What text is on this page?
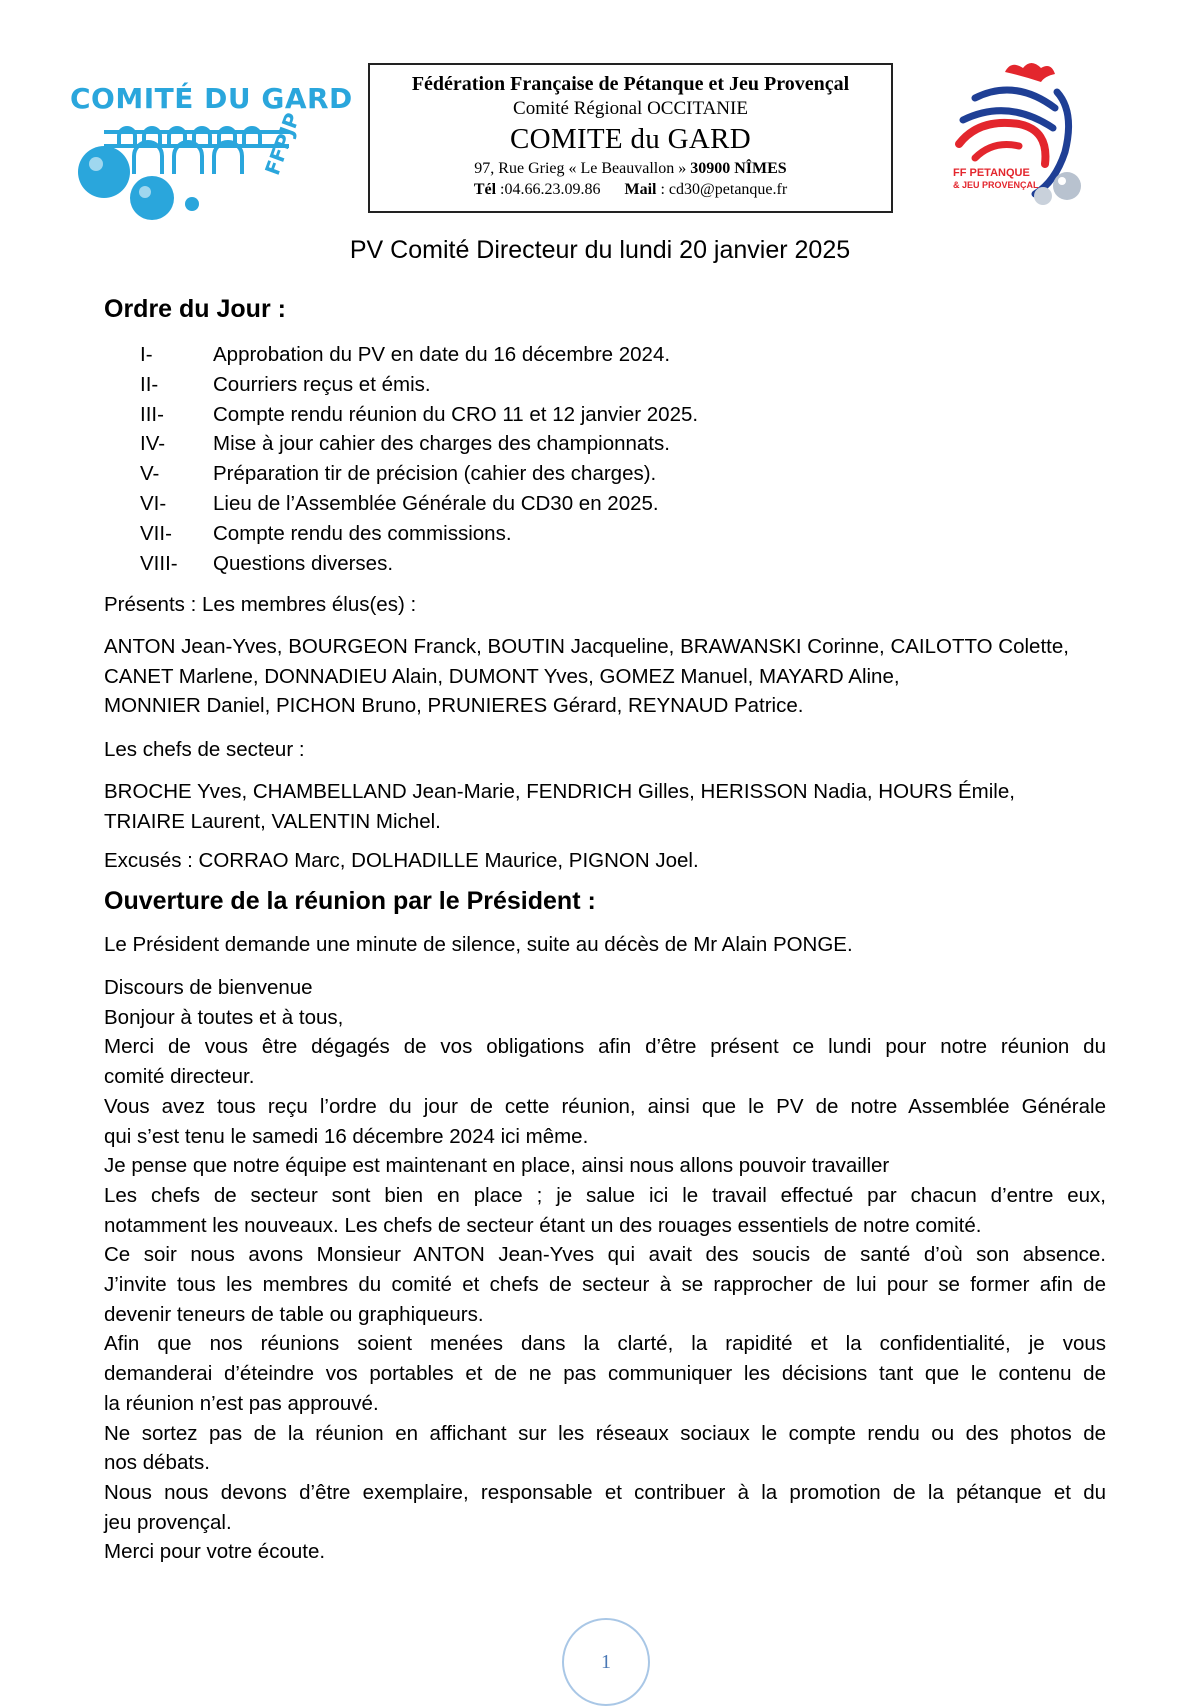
COMITÉ DU GARD
FFPJP
Fédération Française de Pétanque et Jeu Provençal
Comité Régional OCCITANIE
COMITE du GARD
97, Rue Grieg « Le Beauvallon » 30900 NÎMES
Tél :04.66.23.09.86 Mail : cd30@petanque.fr
FF PETANQUE
& JEU PROVENÇAL
PV Comité Directeur du lundi 20 janvier 2025
Ordre du Jour :
I-	Approbation du PV en date du 16 décembre 2024.
II-	Courriers reçus et émis.
III-	Compte rendu réunion du CRO 11 et 12 janvier 2025.
IV-	Mise à jour cahier des charges des championnats.
V-	Préparation tir de précision (cahier des charges).
VI-	Lieu de l’Assemblée Générale du CD30 en 2025.
VII-	Compte rendu des commissions.
VIII-	Questions diverses.
Présents : Les membres élus(es) :
ANTON Jean-Yves, BOURGEON Franck, BOUTIN Jacqueline, BRAWANSKI Corinne, CAILOTTO Colette,
CANET Marlene, DONNADIEU Alain, DUMONT Yves, GOMEZ Manuel, MAYARD Aline,
MONNIER Daniel, PICHON Bruno, PRUNIERES Gérard, REYNAUD Patrice.
Les chefs de secteur :
BROCHE Yves, CHAMBELLAND Jean-Marie, FENDRICH Gilles, HERISSON Nadia, HOURS Émile,
TRIAIRE Laurent, VALENTIN Michel.
Excusés : CORRAO Marc, DOLHADILLE Maurice, PIGNON Joel.
Ouverture de la réunion par le Président :
Le Président demande une minute de silence, suite au décès de Mr Alain PONGE.
Discours de bienvenue
Bonjour à toutes et à tous,
Merci de vous être dégagés de vos obligations afin d’être présent ce lundi pour notre réunion du
comité directeur.
Vous avez tous reçu l’ordre du jour de cette réunion, ainsi que le PV de notre Assemblée Générale
qui s’est tenu le samedi 16 décembre 2024 ici même.
Je pense que notre équipe est maintenant en place, ainsi nous allons pouvoir travailler
Les chefs de secteur sont bien en place ; je salue ici le travail effectué par chacun d’entre eux,
notamment les nouveaux. Les chefs de secteur étant un des rouages essentiels de notre comité.
Ce soir nous avons Monsieur ANTON Jean-Yves qui avait des soucis de santé d’où son absence.
J’invite tous les membres du comité et chefs de secteur à se rapprocher de lui pour se former afin de
devenir teneurs de table ou graphiqueurs.
Afin que nos réunions soient menées dans la clarté, la rapidité et la confidentialité, je vous
demanderai d’éteindre vos portables et de ne pas communiquer les décisions tant que le contenu de
la réunion n’est pas approuvé.
Ne sortez pas de la réunion en affichant sur les réseaux sociaux le compte rendu ou des photos de
nos débats.
Nous nous devons d’être exemplaire, responsable et contribuer à la promotion de la pétanque et du
jeu provençal.
Merci pour votre écoute.
1
